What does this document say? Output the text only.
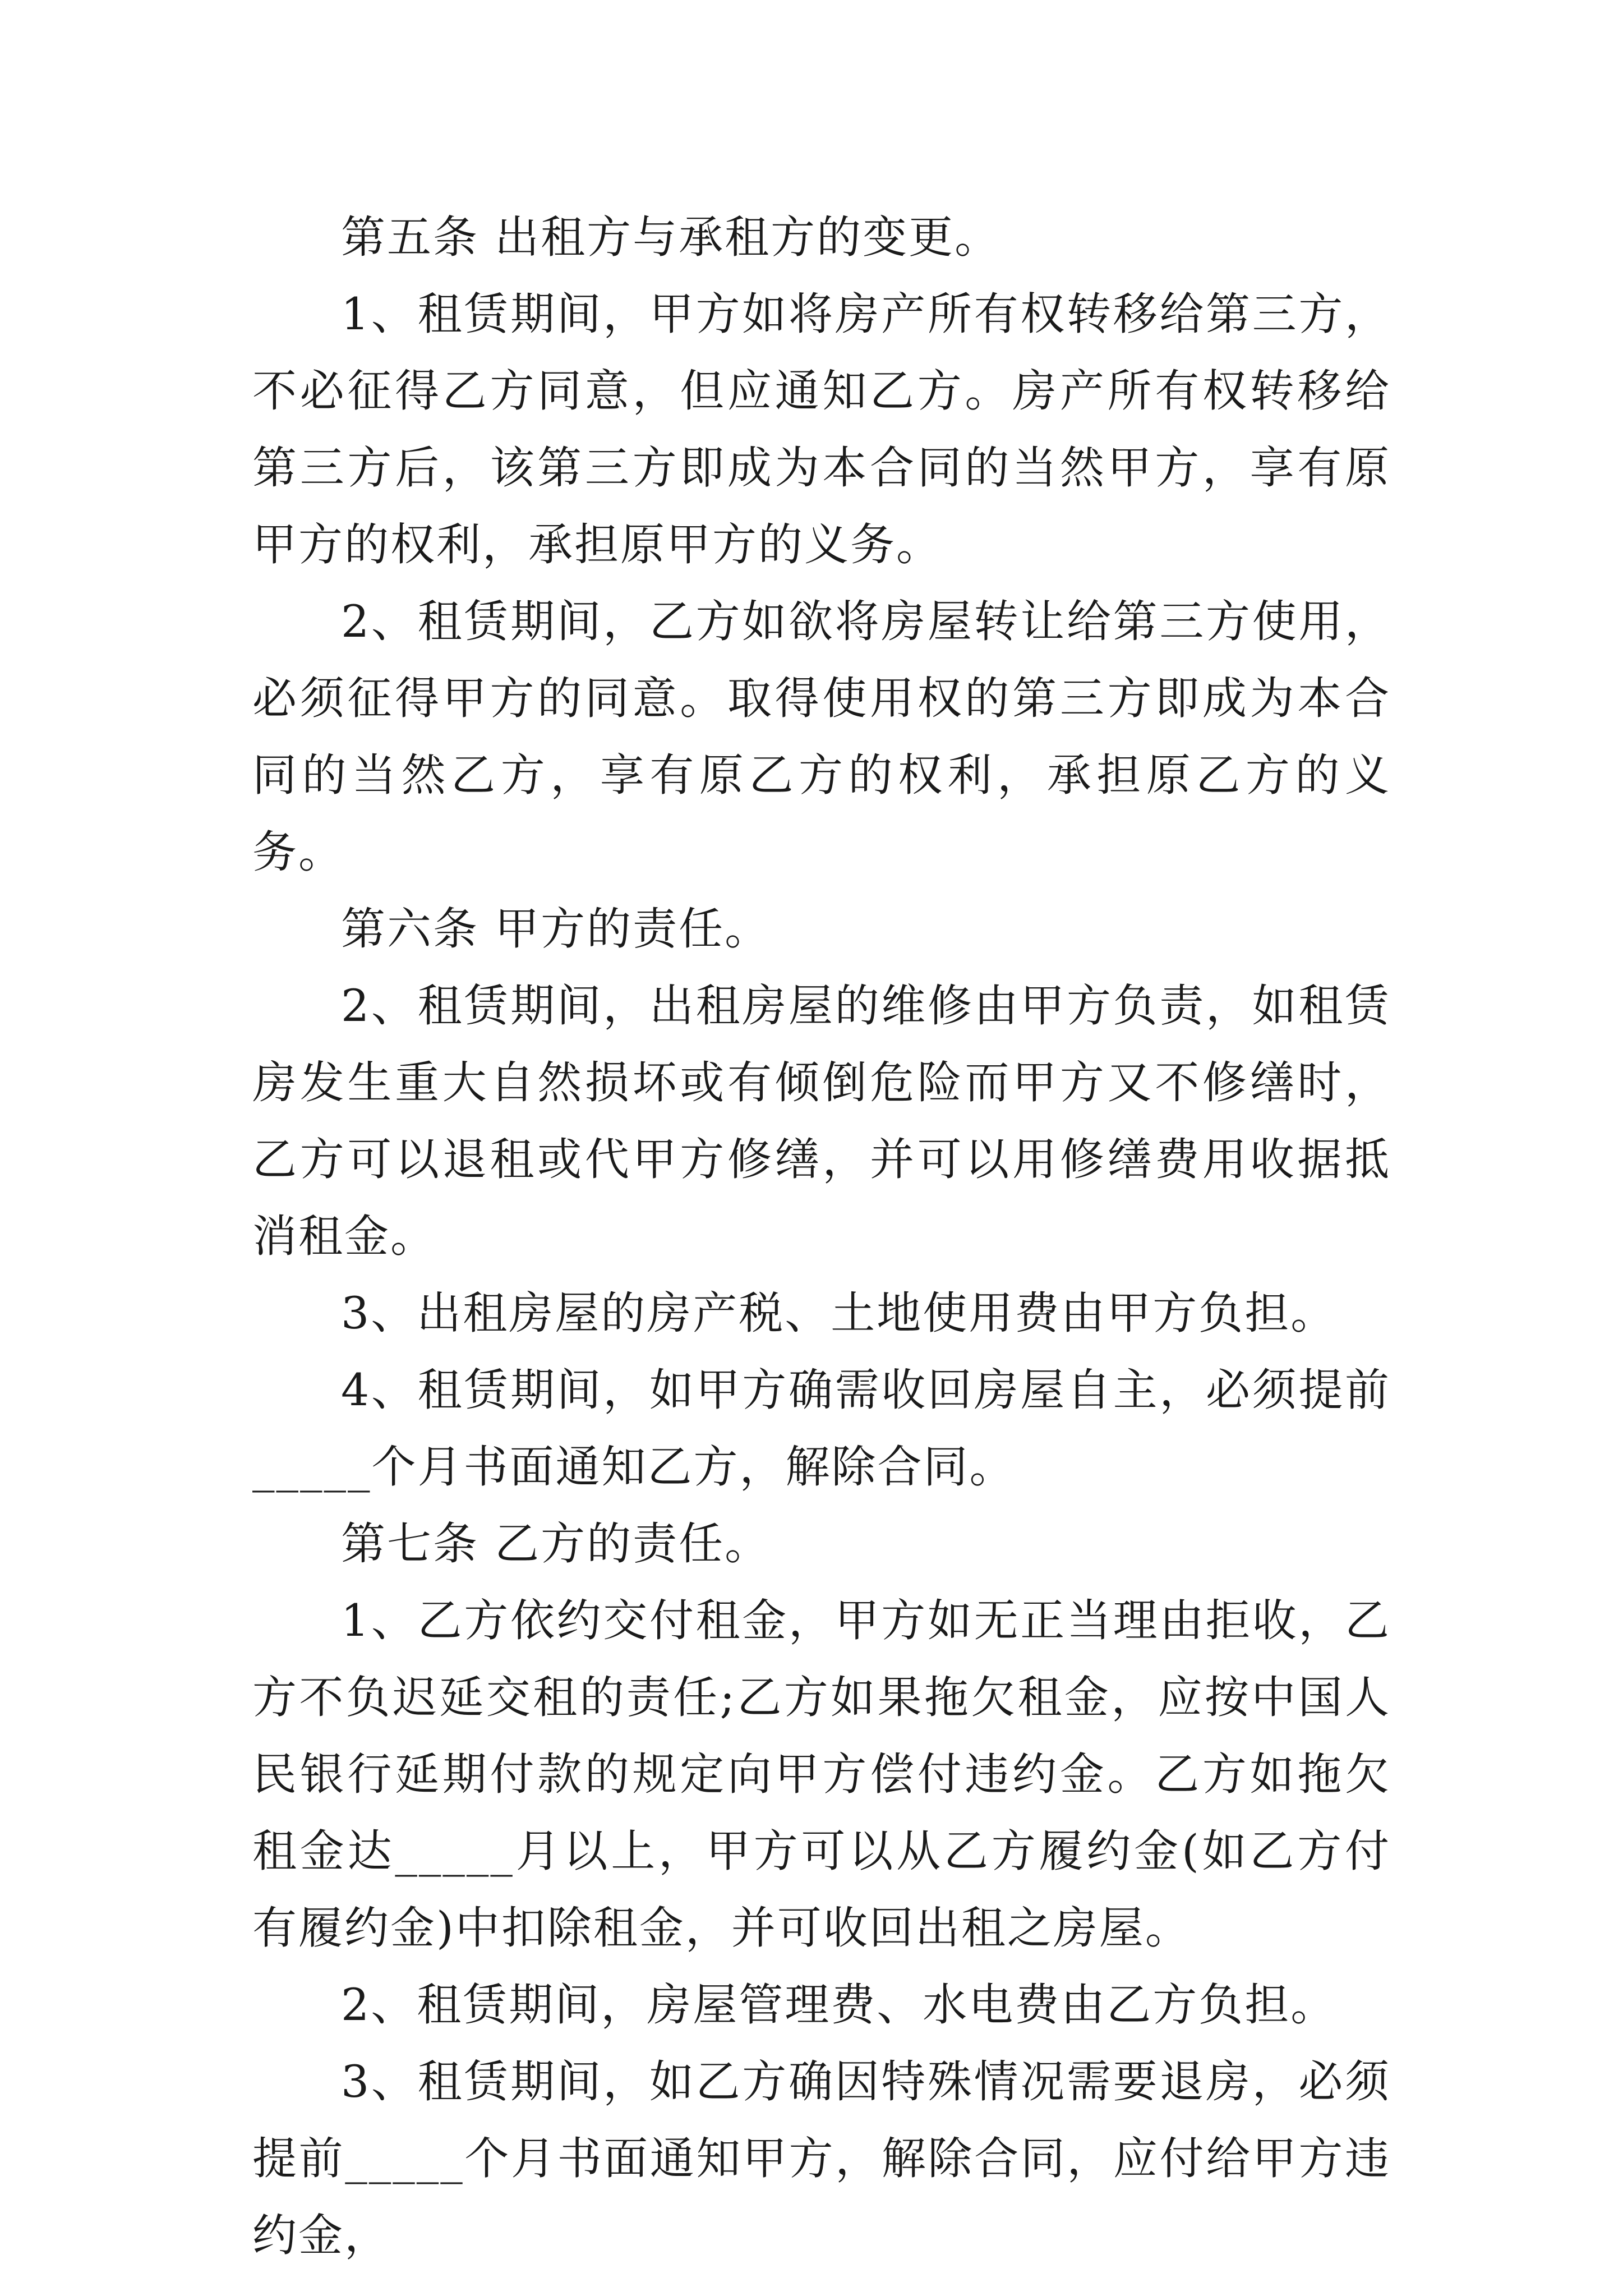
第五条 出租方与承租方的变更。

1、租赁期间，甲方如将房产所有权转移给第三方，不必征得乙方同意，但应通知乙方。房产所有权转移给第三方后，该第三方即成为本合同的当然甲方，享有原甲方的权利，承担原甲方的义务。

2、租赁期间，乙方如欲将房屋转让给第三方使用，必须征得甲方的同意。取得使用权的第三方即成为本合同的当然乙方，享有原乙方的权利，承担原乙方的义务。

第六条 甲方的责任。

2、租赁期间，出租房屋的维修由甲方负责，如租赁房发生重大自然损坏或有倾倒危险而甲方又不修缮时，乙方可以退租或代甲方修缮，并可以用修缮费用收据抵消租金。

3、出租房屋的房产税、土地使用费由甲方负担。

4、租赁期间，如甲方确需收回房屋自主，必须提前_____个月书面通知乙方，解除合同。

第七条 乙方的责任。

1、乙方依约交付租金，甲方如无正当理由拒收，乙方不负迟延交租的责任;乙方如果拖欠租金，应按中国人民银行延期付款的规定向甲方偿付违约金。乙方如拖欠租金达_____月以上，甲方可以从乙方履约金(如乙方付有履约金)中扣除租金，并可收回出租之房屋。

2、租赁期间，房屋管理费、水电费由乙方负担。

3、租赁期间，如乙方确因特殊情况需要退房，必须提前_____个月书面通知甲方，解除合同，应付给甲方违约金，
